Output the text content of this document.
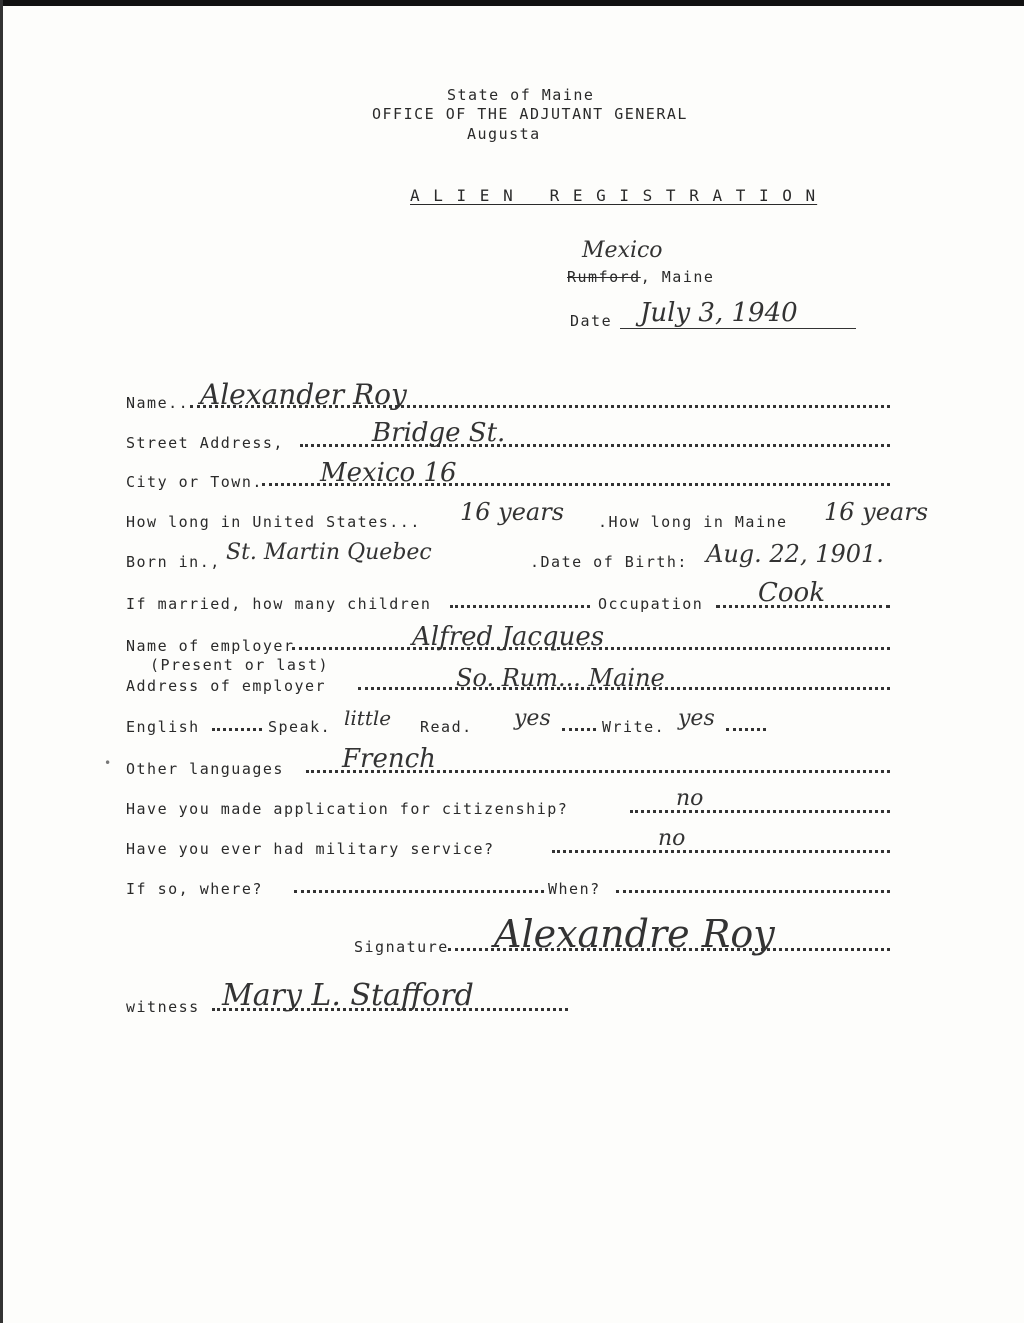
State of Maine
OFFICE OF THE ADJUTANT GENERAL
Augusta
A L I E N   R E G I S T R A T I O N
Mexico
Rumford, Maine
Date July 3, 1940
Name.. Alexander Roy
Street Address,	Bridge St.
City or Town. Mexico 16
How long in United States... 16 years .How long in Maine 16 years
Born in., St. Martin Quebec	.Date of Birth: Aug. 22, 1901.
If married, how many children	Occupation Cook
Name of employer	Alfred Jacques
(Present or last)
Address of employer	So. Rum... Maine
English	Speak. little Read. yes	Write. yes
• Other languages French
Have you made application for citizenship?	no
Have you ever had military service?	no
If so, where?	When?
Signature Alexandre Roy
witness Mary L. Stafford
